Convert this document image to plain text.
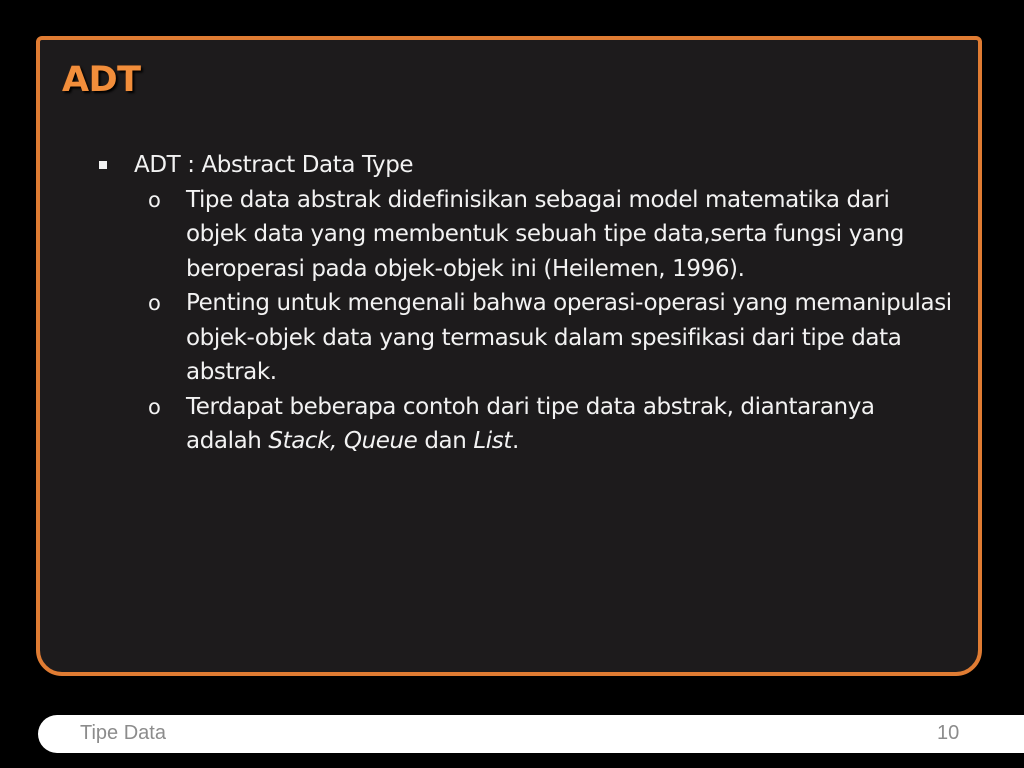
ADT
ADT : Abstract Data Type
o Tipe data abstrak didefinisikan sebagai model matematika dari objek data yang membentuk sebuah tipe data,serta fungsi yang beroperasi pada objek-objek ini (Heilemen, 1996).
o Penting untuk mengenali bahwa operasi-operasi yang memanipulasi objek-objek data yang termasuk dalam spesifikasi dari tipe data abstrak.
o Terdapat beberapa contoh dari tipe data abstrak, diantaranya adalah Stack, Queue dan List.
Tipe Data	10
